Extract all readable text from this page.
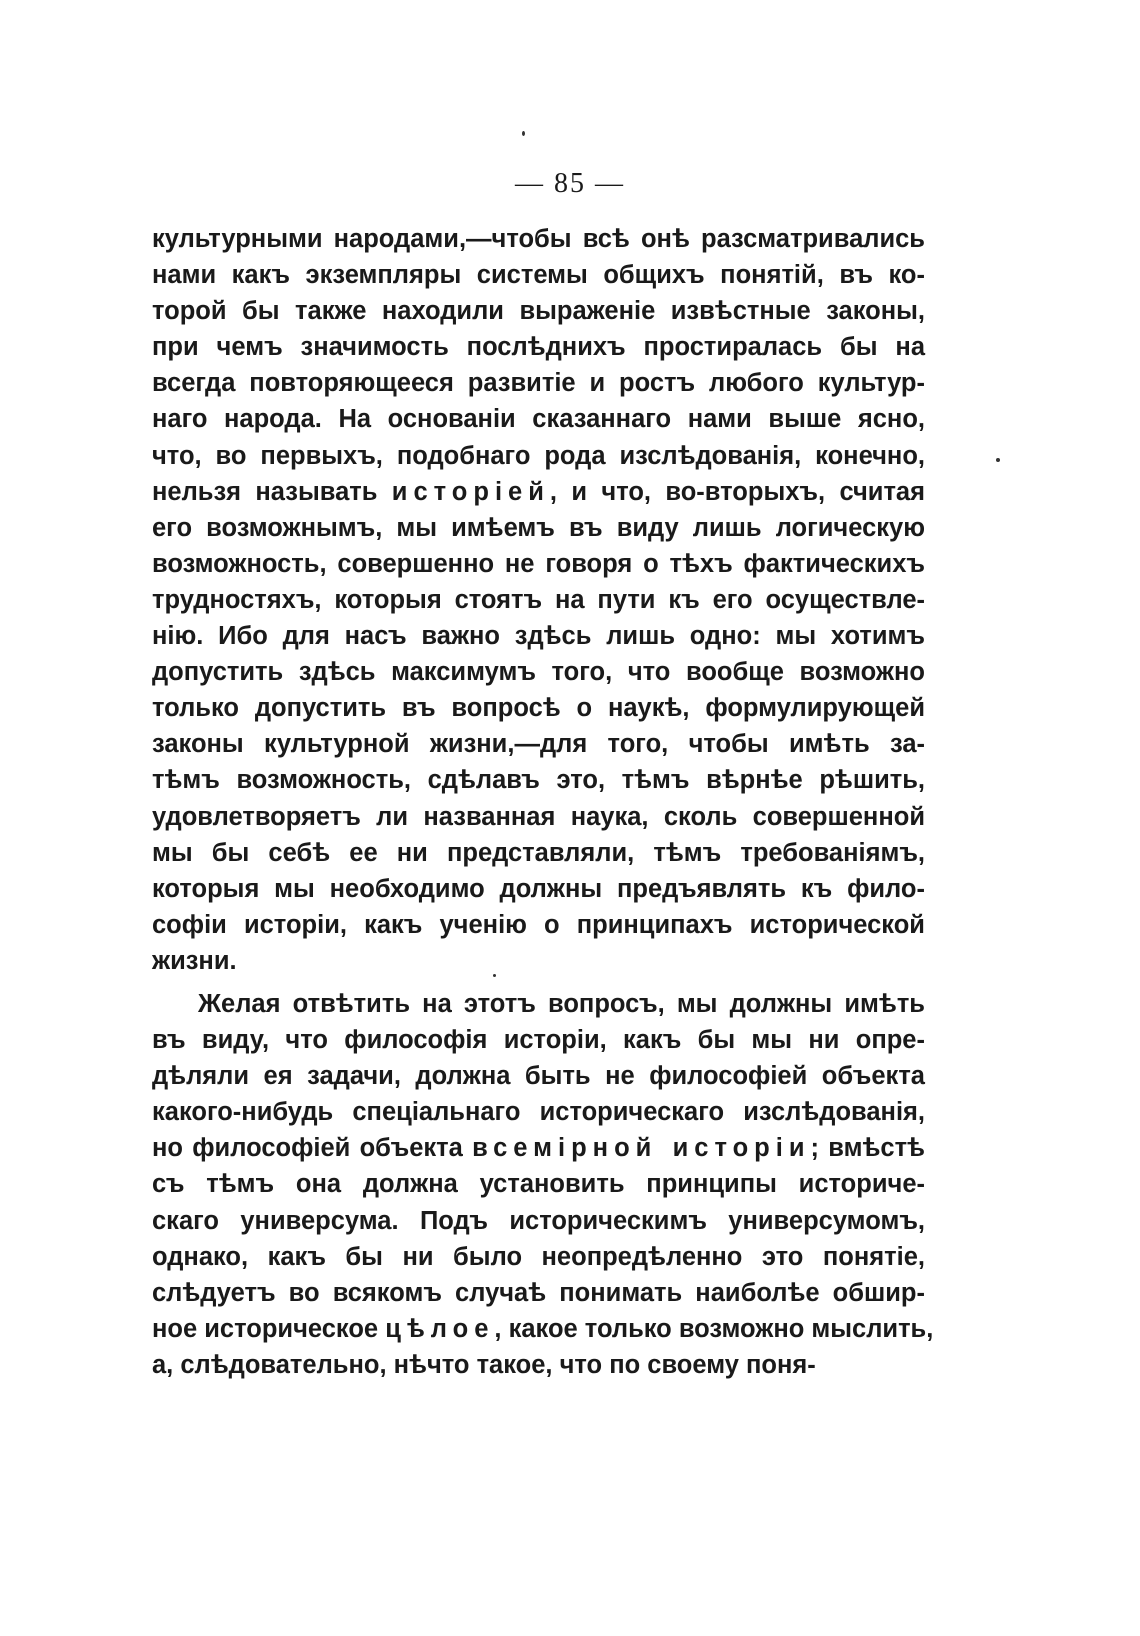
— 85 —
культурными народами,—чтобы всѣ онѣ разсматривались
нами какъ экземпляры системы общихъ понятій, въ ко-
торой бы также находили выраженіе извѣстные законы,
при чемъ значимость послѣднихъ простиралась бы на
всегда повторяющееся развитіе и ростъ любого культур-
наго народа. На основаніи сказаннаго нами выше ясно,
что, во первыхъ, подобнаго рода изслѣдованія, конечно,
нельзя называть исторіей, и что, во-вторыхъ, считая
его возможнымъ, мы имѣемъ въ виду лишь логическую
возможность, совершенно не говоря о тѣхъ фактическихъ
трудностяхъ, которыя стоятъ на пути къ его осуществле-
нію. Ибо для насъ важно здѣсь лишь одно: мы хотимъ
допустить здѣсь максимумъ того, что вообще возможно
только допустить въ вопросѣ о наукѣ, формулирующей
законы культурной жизни,—для того, чтобы имѣть за-
тѣмъ возможность, сдѣлавъ это, тѣмъ вѣрнѣе рѣшить,
удовлетворяетъ ли названная наука, сколь совершенной
мы бы себѣ ее ни представляли, тѣмъ требованіямъ,
которыя мы необходимо должны предъявлять къ фило-
софіи исторіи, какъ ученію о принципахъ исторической
жизни.
Желая отвѣтить на этотъ вопросъ, мы должны имѣть
въ виду, что философія исторіи, какъ бы мы ни опре-
дѣляли ея задачи, должна быть не философіей объекта
какого-нибудь спеціальнаго историческаго изслѣдованія,
но философіей объекта всемірной исторіи; вмѣстѣ
съ тѣмъ она должна установить принципы историче-
скаго универсума. Подъ историческимъ универсумомъ,
однако, какъ бы ни было неопредѣленно это понятіе,
слѣдуетъ во всякомъ случаѣ понимать наиболѣе обшир-
ное историческое цѣлое, какое только возможно мыслить,
а, слѣдовательно, нѣчто такое, что по своему поня-
